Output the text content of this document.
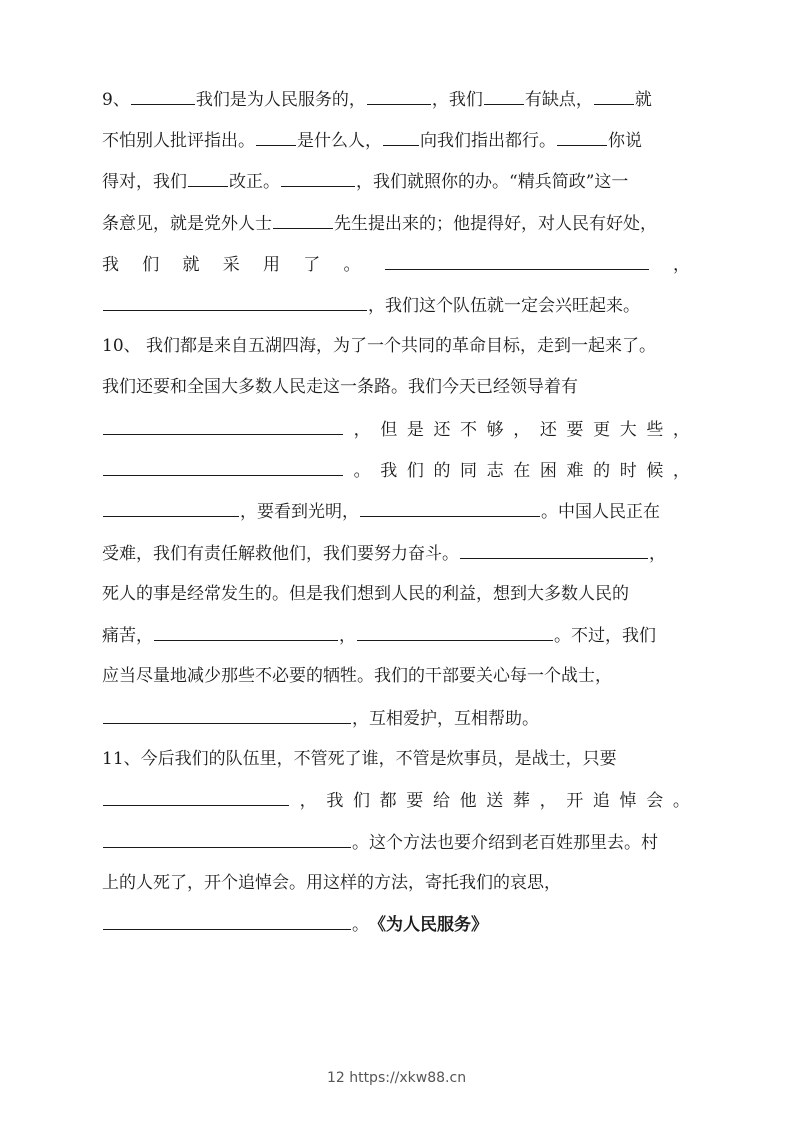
9、	我们是为人民服务的，	，我们 有缺点， 就
不怕别人批评指出。 是什么人， 向我们指出都行。	你说
得对，我们 改正。	，我们就照你的办。“精兵简政”这一
条意见，就是党外人士	先生提出来的；他提得好，对人民有好处，
我 们 就 采 用 了 。	，
，我们这个队伍就一定会兴旺起来。
10、 我们都是来自五湖四海，为了一个共同的革命目标，走到一起来了。
我们还要和全国大多数人民走这一条路。我们今天已经领导着有
， 但 是 还 不 够 ， 还 要 更 大 些 ，
。 我 们 的 同 志 在 困 难 的 时 候 ，
，要看到光明，	。中国人民正在
受难，我们有责任解救他们，我们要努力奋斗。	，
死人的事是经常发生的。但是我们想到人民的利益，想到大多数人民的
痛苦，	，	。不过，我们
应当尽量地减少那些不必要的牺牲。我们的干部要关心每一个战士，
，互相爱护，互相帮助。
11、今后我们的队伍里，不管死了谁，不管是炊事员，是战士，只要
， 我 们 都 要 给 他 送 葬 ， 开 追 悼 会 。
。这个方法也要介绍到老百姓那里去。村
上的人死了，开个追悼会。用这样的方法，寄托我们的哀思，
。 《为人民服务》
12 https://xkw88.cn
